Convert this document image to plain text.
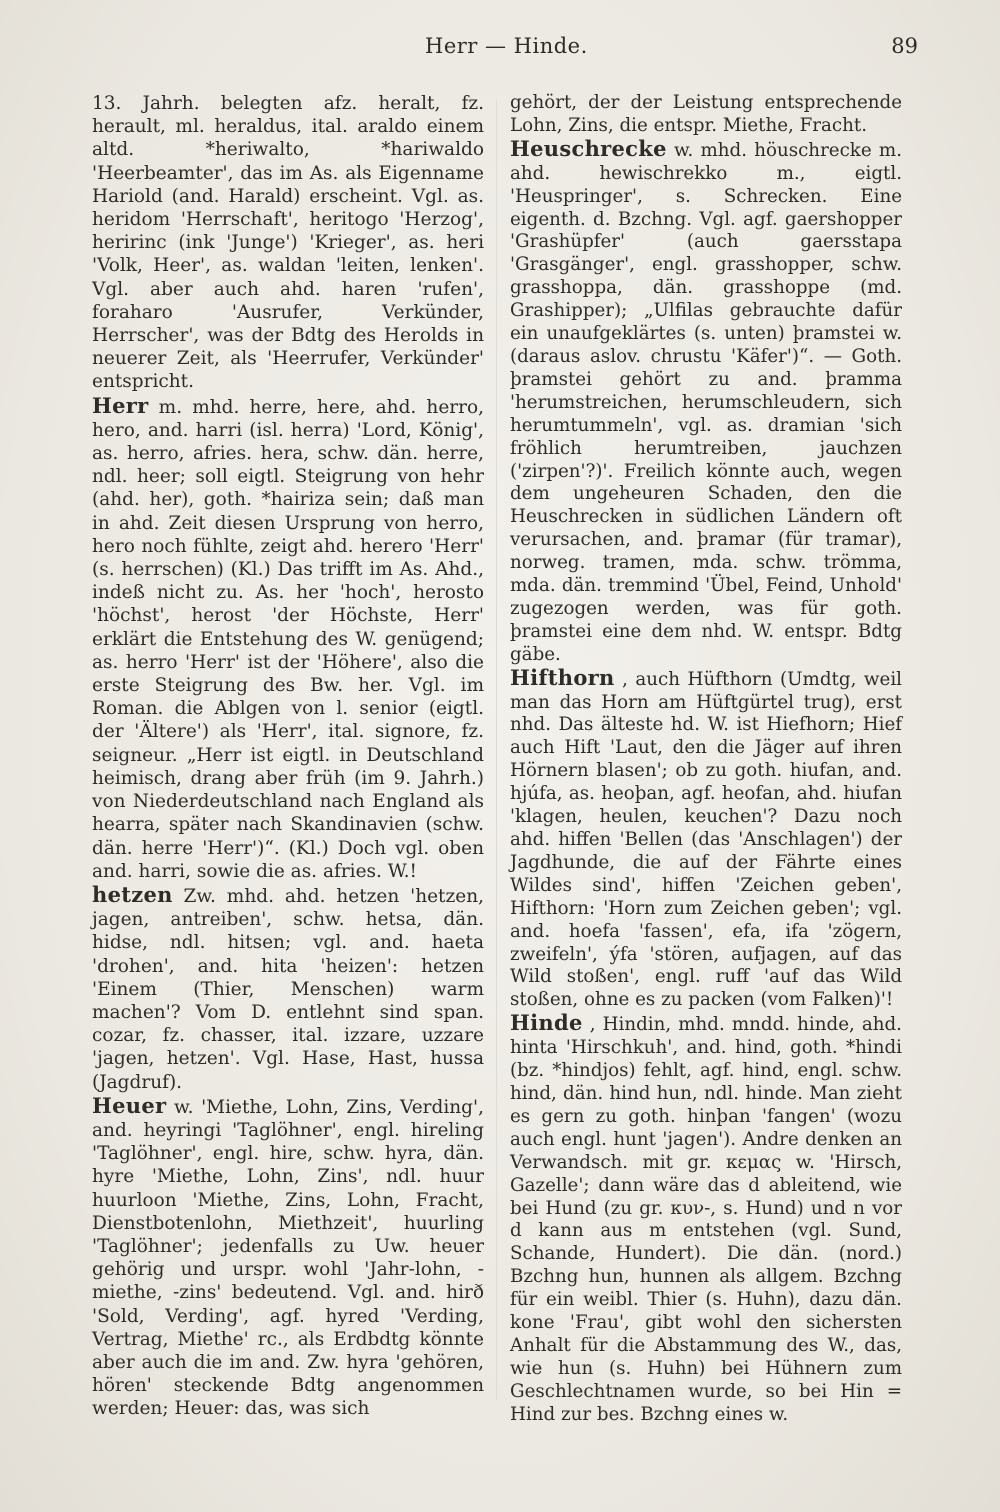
Herr — Hinde.	89

13. Jahrh. belegten afz. heralt, fz. herault, ml. heraldus, ital. araldo einem altd. *heriwalto, *hariwaldo 'Heerbeamter', das im As. als Eigenname Hariold (and. Harald) erscheint. Vgl. as. heridom 'Herrschaft', heritogo 'Herzog', heririnc (ink 'Junge') 'Krieger', as. heri 'Volk, Heer', as. waldan 'leiten, lenken'. Vgl. aber auch ahd. haren 'rufen', foraharo 'Ausrufer, Verkünder, Herrscher', was der Bdtg des Herolds in neuerer Zeit, als 'Heerrufer, Verkünder' entspricht.

Herr m. mhd. herre, here, ahd. herro, hero, and. harri (isl. herra) 'Lord, König', as. herro, afries. hera, schw. dän. herre, ndl. heer; soll eigtl. Steigrung von hehr (ahd. her), goth. *hairiza sein; daß man in ahd. Zeit diesen Ursprung von herro, hero noch fühlte, zeigt ahd. herero 'Herr' (s. herrschen) (Kl.) Das trifft im As. Ahd., indeß nicht zu. As. her 'hoch', herosto 'höchst', herost 'der Höchste, Herr' erklärt die Entstehung des W. genügend; as. herro 'Herr' ist der 'Höhere', also die erste Steigrung des Bw. her. Vgl. im Roman. die Ablgen von l. senior (eigtl. der 'Ältere') als 'Herr', ital. signore, fz. seigneur. „Herr ist eigtl. in Deutschland heimisch, drang aber früh (im 9. Jahrh.) von Niederdeutschland nach England als hearra, später nach Skandinavien (schw. dän. herre 'Herr')“. (Kl.) Doch vgl. oben and. harri, sowie die as. afries. W.!

hetzen Zw. mhd. ahd. hetzen 'hetzen, jagen, antreiben', schw. hetsa, dän. hidse, ndl. hitsen; vgl. and. haeta 'drohen', and. hita 'heizen': hetzen 'Einem (Thier, Menschen) warm machen'? Vom D. entlehnt sind span. cozar, fz. chasser, ital. izzare, uzzare 'jagen, hetzen'. Vgl. Hase, Hast, hussa (Jagdruf).

Heuer w. 'Miethe, Lohn, Zins, Verding', and. heyringi 'Taglöhner', engl. hireling 'Taglöhner', engl. hire, schw. hyra, dän. hyre 'Miethe, Lohn, Zins', ndl. huur huurloon 'Miethe, Zins, Lohn, Fracht, Dienstbotenlohn, Miethzeit', huurling 'Taglöhner'; jedenfalls zu Uw. heuer gehörig und urspr. wohl 'Jahr-lohn, -miethe, -zins' bedeutend. Vgl. and. hirð 'Sold, Verding', agf. hyred 'Verding, Vertrag, Miethe' rc., als Erdbdtg könnte aber auch die im and. Zw. hyra 'gehören, hören' steckende Bdtg angenommen werden; Heuer: das, was sich

gehört, der der Leistung entsprechende Lohn, Zins, die entspr. Miethe, Fracht.

Heuschrecke w. mhd. höuschrecke m. ahd. hewischrekko m., eigtl. 'Heuspringer', s. Schrecken. Eine eigenth. d. Bzchng. Vgl. agf. gaershopper 'Grashüpfer' (auch gaersstapa 'Grasgänger', engl. grasshopper, schw. grasshoppa, dän. grasshoppe (md. Grashipper); „Ulfilas gebrauchte dafür ein unaufgeklärtes (s. unten) þramstei w. (daraus aslov. chrustu 'Käfer')“. — Goth. þramstei gehört zu and. þramma 'herumstreichen, herumschleudern, sich herumtummeln', vgl. as. dramian 'sich fröhlich herumtreiben, jauchzen ('zirpen'?)'. Freilich könnte auch, wegen dem ungeheuren Schaden, den die Heuschrecken in südlichen Ländern oft verursachen, and. þramar (für tramar), norweg. tramen, mda. schw. trömma, mda. dän. tremmind 'Übel, Feind, Unhold' zugezogen werden, was für goth. þramstei eine dem nhd. W. entspr. Bdtg gäbe.

Hifthorn , auch Hüfthorn (Umdtg, weil man das Horn am Hüftgürtel trug), erst nhd. Das älteste hd. W. ist Hiefhorn; Hief auch Hift 'Laut, den die Jäger auf ihren Hörnern blasen'; ob zu goth. hiufan, and. hjúfa, as. heoþan, agf. heofan, ahd. hiufan 'klagen, heulen, keuchen'? Dazu noch ahd. hiffen 'Bellen (das 'Anschlagen') der Jagdhunde, die auf der Fährte eines Wildes sind', hiffen 'Zeichen geben', Hifthorn: 'Horn zum Zeichen geben'; vgl. and. hoefa 'fassen', efa, ifa 'zögern, zweifeln', ýfa 'stören, aufjagen, auf das Wild stoßen', engl. ruff 'auf das Wild stoßen, ohne es zu packen (vom Falken)'!

Hinde , Hindin, mhd. mndd. hinde, ahd. hinta 'Hirschkuh', and. hind, goth. *hindi (bz. *hindjos) fehlt, agf. hind, engl. schw. hind, dän. hind hun, ndl. hinde. Man zieht es gern zu goth. hinþan 'fangen' (wozu auch engl. hunt 'jagen'). Andre denken an Verwandsch. mit gr. κεμας w. 'Hirsch, Gazelle'; dann wäre das d ableitend, wie bei Hund (zu gr. κυν-, s. Hund) und n vor d kann aus m entstehen (vgl. Sund, Schande, Hundert). Die dän. (nord.) Bzchng hun, hunnen als allgem. Bzchng für ein weibl. Thier (s. Huhn), dazu dän. kone 'Frau', gibt wohl den sichersten Anhalt für die Abstammung des W., das, wie hun (s. Huhn) bei Hühnern zum Geschlechtnamen wurde, so bei Hin = Hind zur bes. Bzchng eines w.
